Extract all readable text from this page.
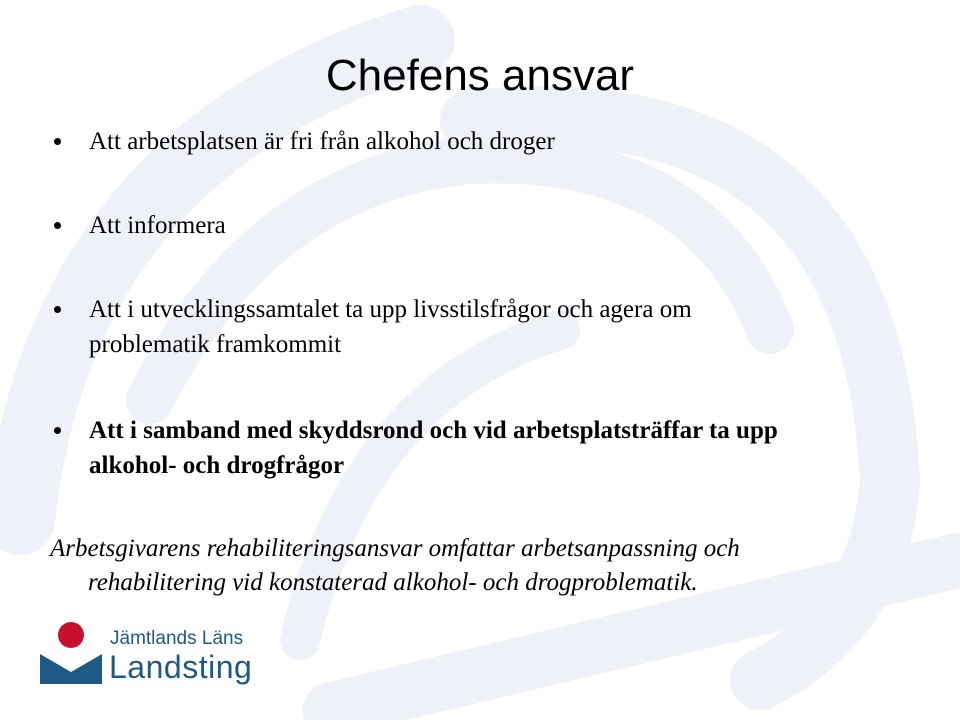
Chefens ansvar
Att arbetsplatsen är fri från alkohol och droger
Att informera
Att i utvecklingssamtalet ta upp livsstilsfrågor och agera om
problematik framkommit
Att i samband med skyddsrond och vid arbetsplatsträffar ta upp
alkohol- och drogfrågor
Arbetsgivarens rehabiliteringsansvar omfattar arbetsanpassning och
rehabilitering vid konstaterad alkohol- och drogproblematik.
Jämtlands Läns
Landsting
